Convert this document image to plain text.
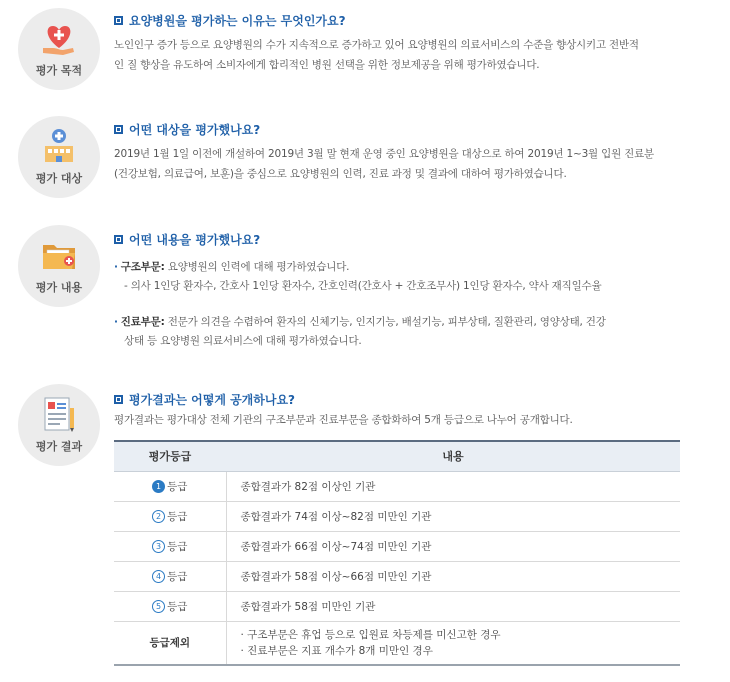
평가 목적
요양병원을 평가하는 이유는 무엇인가요?
노인인구 증가 등으로 요양병원의 수가 지속적으로 증가하고 있어 요양병원의 의료서비스의 수준을 향상시키고 전반적
인 질 향상을 유도하여 소비자에게 합리적인 병원 선택을 위한 정보제공을 위해 평가하였습니다.
평가 대상
어떤 대상을 평가했나요?
2019년 1월 1일 이전에 개설하여 2019년 3월 말 현재 운영 중인 요양병원을 대상으로 하여 2019년 1~3월 입원 진료분
(건강보험, 의료급여, 보훈)을 중심으로 요양병원의 인력, 진료 과정 및 결과에 대하여 평가하였습니다.
평가 내용
어떤 내용을 평가했나요?
· 구조부문: 요양병원의 인력에 대해 평가하였습니다.
- 의사 1인당 환자수, 간호사 1인당 환자수, 간호인력(간호사 + 간호조무사) 1인당 환자수, 약사 재직일수율
· 진료부문: 전문가 의견을 수렴하여 환자의 신체기능, 인지기능, 배설기능, 피부상태, 질환관리, 영양상태, 건강
상태 등 요양병원 의료서비스에 대해 평가하였습니다.
평가 결과
평가결과는 어떻게 공개하나요?
평가결과는 평가대상 전체 기관의 구조부문과 진료부문을 종합화하여 5개 등급으로 나누어 공개합니다.
평가등급	내용
1 등급	종합결과가 82점 이상인 기관
2 등급	종합결과가 74점 이상~82점 미만인 기관
3 등급	종합결과가 66점 이상~74점 미만인 기관
4 등급	종합결과가 58점 이상~66점 미만인 기관
5 등급	종합결과가 58점 미만인 기관
등급제외	· 구조부문은 휴업 등으로 입원료 차등제를 미신고한 경우
· 진료부문은 지표 개수가 8개 미만인 경우
